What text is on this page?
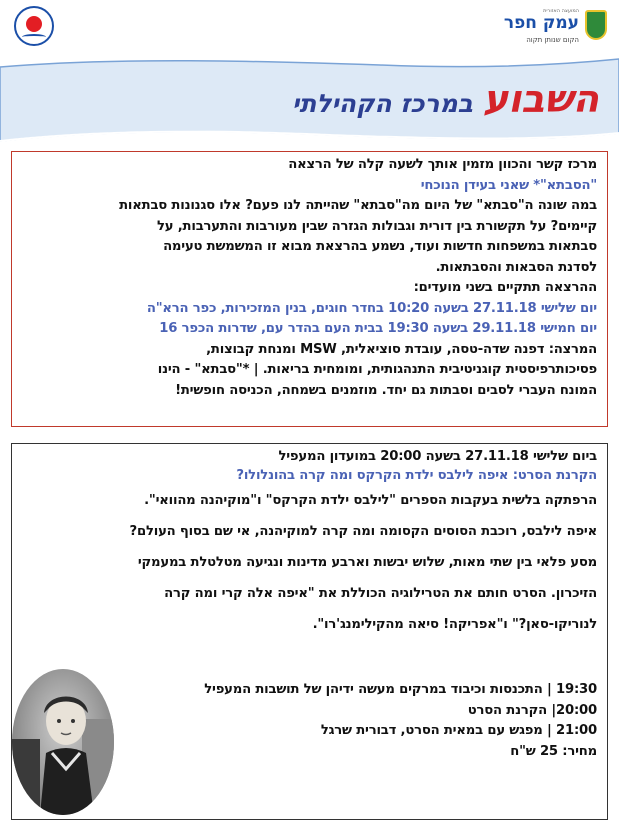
המועצה האזורית
עמק חפר
הקום שנותן תקוה
השבועבמרכז הקהילתי
מרכז קשר והכוון מזמין אותך לשעה קלה של הרצאה
"הסבתא"* שאני בעידן הנוכחי
במה שונה ה"סבתא" של היום מה"סבתא" שהייתה לנו פעם? אלו סגנונות סבתאות
קיימים? על תקשורת בין דורית וגבולות הגזרה שבין מעורבות והתערבות, על
סבתאות במשפחות חדשות ועוד, נשמע בהרצאת מבוא זו המשמשת טעימה
לסדנת הסבאות והסבתאות.
ההרצאה תתקיים בשני מועדים:
יום שלישי 27.11.18 בשעה 10:20 בחדר חוגים, בנין המזכירות, כפר הרא"ה
יום חמישי 29.11.18 בשעה 19:30 בבית העם בהדר עם, שדרות הכפר 16
המרצה: דפנה שדה-טסה, עובדת סוציאלית, MSW ומנחת קבוצות,
פסיכותרפיסטית קוגניטיבית התנהגותית, ומומחית בריאות. | *"סבתא" - הינו
המונח העברי לסבים וסבתות גם יחד. מוזמנים בשמחה, הכניסה חופשית!
ביום שלישי 27.11.18 בשעה 20:00 במועדון המעפיל
הקרנת הסרט: איפה לילבס ילדת הקרקס ומה קרה בהונלולו?
הרפתקה בלשית בעקבות הספרים "לילבס ילדת הקרקס" ו"מוקיהנה מהוואי".
איפה לילבס, רוכבת הסוסים הקסומה ומה קרה למוקיהנה, אי שם בסוף העולם?
מסע פלאי בין שתי מאות, שלוש יבשות וארבע מדינות ונגיעה מטלטלת במעמקי
הזיכרון. הסרט חותם את הטרילוגיה הכוללת את "איפה אלה קרי ומה קרה
לנוריקו-סאן?" ו"אפריקה! סיאה מהקילימנג'רו".
19:30 | התכנסות וכיבוד במרקים מעשה ידיהן של תושבות המעפיל
20:00| הקרנת הסרט
21:00 | מפגש עם במאית הסרט, דבורית שרגל
מחיר: 25 ש"ח
